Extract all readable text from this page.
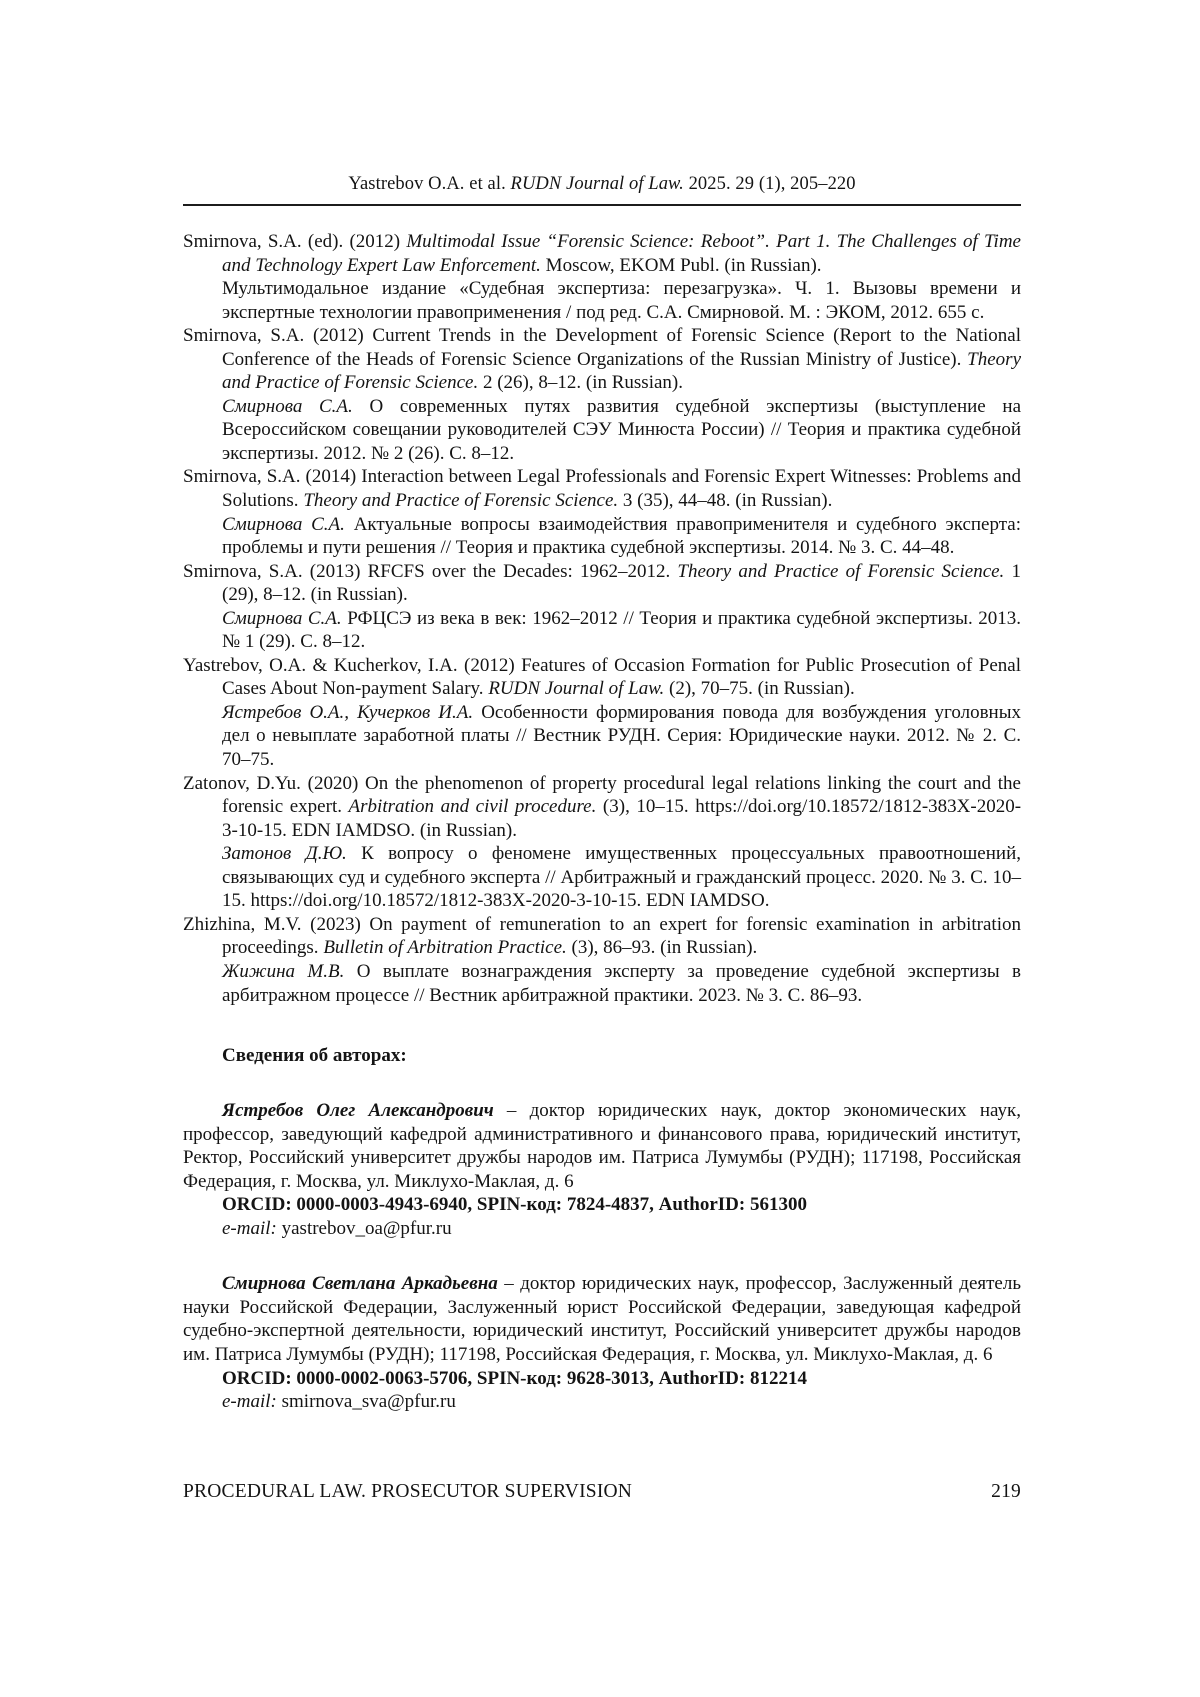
Yastrebov O.A. et al. RUDN Journal of Law. 2025. 29 (1), 205–220
Smirnova, S.A. (ed). (2012) Multimodal Issue “Forensic Science: Reboot”. Part 1. The Challenges of Time and Technology Expert Law Enforcement. Moscow, EKOM Publ. (in Russian).
Мультимодальное издание «Судебная экспертиза: перезагрузка». Ч. 1. Вызовы времени и экспертные технологии правоприменения / под ред. С.А. Смирновой. М. : ЭКОМ, 2012. 655 с.
Smirnova, S.A. (2012) Current Trends in the Development of Forensic Science (Report to the National Conference of the Heads of Forensic Science Organizations of the Russian Ministry of Justice). Theory and Practice of Forensic Science. 2 (26), 8–12. (in Russian).
Смирнова С.А. О современных путях развития судебной экспертизы (выступление на Всероссийском совещании руководителей СЭУ Минюста России) // Теория и практика судебной экспертизы. 2012. № 2 (26). С. 8–12.
Smirnova, S.A. (2014) Interaction between Legal Professionals and Forensic Expert Witnesses: Problems and Solutions. Theory and Practice of Forensic Science. 3 (35), 44–48. (in Russian).
Смирнова С.А. Актуальные вопросы взаимодействия правоприменителя и судебного эксперта: проблемы и пути решения // Теория и практика судебной экспертизы. 2014. № 3. С. 44–48.
Smirnova, S.A. (2013) RFCFS over the Decades: 1962–2012. Theory and Practice of Forensic Science. 1 (29), 8–12. (in Russian).
Смирнова С.А. РФЦСЭ из века в век: 1962–2012 // Теория и практика судебной экспертизы. 2013. № 1 (29). С. 8–12.
Yastrebov, O.A. & Kucherkov, I.A. (2012) Features of Occasion Formation for Public Prosecution of Penal Cases About Non-payment Salary. RUDN Journal of Law. (2), 70–75. (in Russian).
Ястребов О.А., Кучерков И.А. Особенности формирования повода для возбуждения уголовных дел о невыплате заработной платы // Вестник РУДН. Серия: Юридические науки. 2012. № 2. С. 70–75.
Zatonov, D.Yu. (2020) On the phenomenon of property procedural legal relations linking the court and the forensic expert. Arbitration and civil procedure. (3), 10–15. https://doi.org/10.18572/1812-383X-2020-3-10-15. EDN IAMDSO. (in Russian).
Затонов Д.Ю. К вопросу о феномене имущественных процессуальных правоотношений, связывающих суд и судебного эксперта // Арбитражный и гражданский процесс. 2020. № 3. С. 10–15. https://doi.org/10.18572/1812-383X-2020-3-10-15. EDN IAMDSO.
Zhizhina, M.V. (2023) On payment of remuneration to an expert for forensic examination in arbitration proceedings. Bulletin of Arbitration Practice. (3), 86–93. (in Russian).
Жижина М.В. О выплате вознаграждения эксперту за проведение судебной экспертизы в арбитражном процессе // Вестник арбитражной практики. 2023. № 3. С. 86–93.
Сведения об авторах:

Ястребов Олег Александрович – доктор юридических наук, доктор экономических наук, профессор, заведующий кафедрой административного и финансового права, юридический институт, Ректор, Российский университет дружбы народов им. Патриса Лумумбы (РУДН); 117198, Российская Федерация, г. Москва, ул. Миклухо-Маклая, д. 6

ORCID: 0000-0003-4943-6940, SPIN-код: 7824-4837, AuthorID: 561300

e-mail: yastrebov_oa@pfur.ru

Смирнова Светлана Аркадьевна – доктор юридических наук, профессор, Заслуженный деятель науки Российской Федерации, Заслуженный юрист Российской Федерации, заведующая кафедрой судебно-экспертной деятельности, юридический институт, Российский университет дружбы народов им. Патриса Лумумбы (РУДН); 117198, Российская Федерация, г. Москва, ул. Миклухо-Маклая, д. 6

ORCID: 0000-0002-0063-5706, SPIN-код: 9628-3013, AuthorID: 812214

e-mail: smirnova_sva@pfur.ru

PROCEDURAL LAW. PROSECUTOR SUPERVISION	219
